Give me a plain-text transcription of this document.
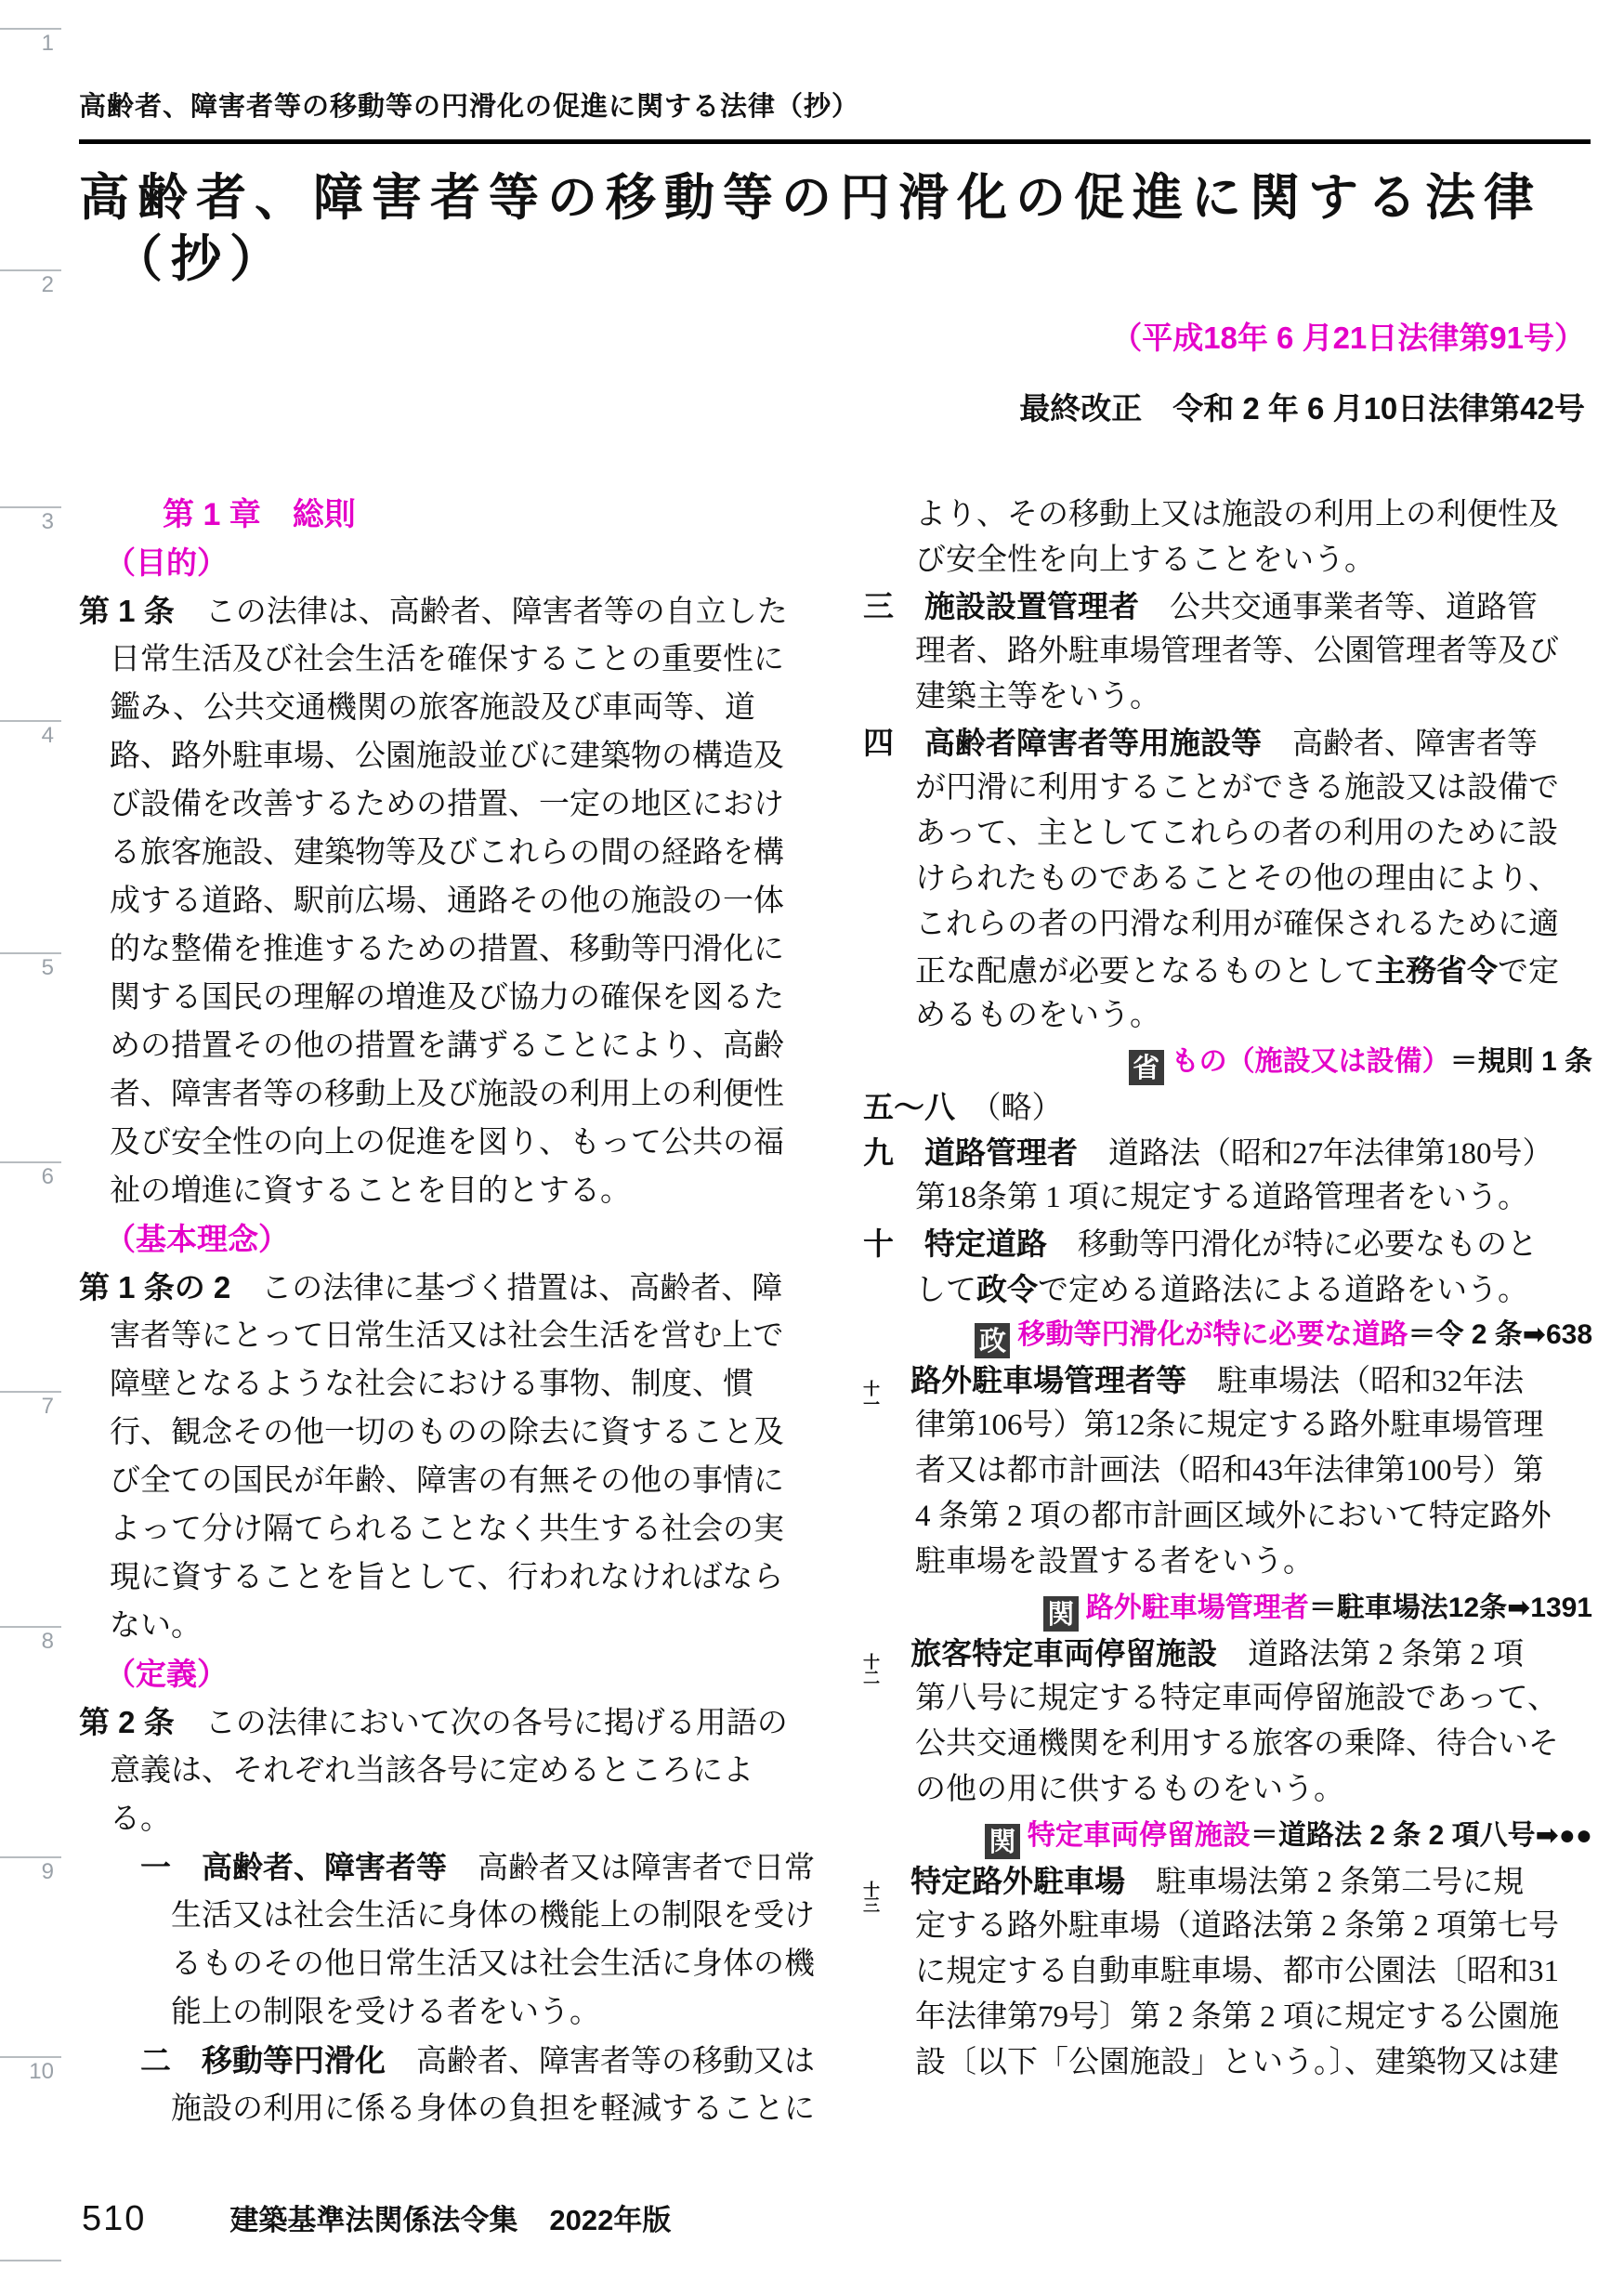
1
2
3
4
5
6
7
8
9
10
高齢者、障害者等の移動等の円滑化の促進に関する法律（抄）
高齢者、障害者等の移動等の円滑化の促進に関する法律
（抄）
（平成18年 6 月21日法律第91号）
最終改正　令和 2 年 6 月10日法律第42号
第 1 章　総則
（目的）
第 1 条　この法律は、高齢者、障害者等の自立した
日常生活及び社会生活を確保することの重要性に
鑑み、公共交通機関の旅客施設及び車両等、道
路、路外駐車場、公園施設並びに建築物の構造及
び設備を改善するための措置、一定の地区におけ
る旅客施設、建築物等及びこれらの間の経路を構
成する道路、駅前広場、通路その他の施設の一体
的な整備を推進するための措置、移動等円滑化に
関する国民の理解の増進及び協力の確保を図るた
めの措置その他の措置を講ずることにより、高齢
者、障害者等の移動上及び施設の利用上の利便性
及び安全性の向上の促進を図り、もって公共の福
祉の増進に資することを目的とする。
（基本理念）
第 1 条の 2　この法律に基づく措置は、高齢者、障
害者等にとって日常生活又は社会生活を営む上で
障壁となるような社会における事物、制度、慣
行、観念その他一切のものの除去に資すること及
び全ての国民が年齢、障害の有無その他の事情に
よって分け隔てられることなく共生する社会の実
現に資することを旨として、行われなければなら
ない。
（定義）
第 2 条　この法律において次の各号に掲げる用語の
意義は、それぞれ当該各号に定めるところによ
る。
一　高齢者、障害者等　高齢者又は障害者で日常
生活又は社会生活に身体の機能上の制限を受け
るものその他日常生活又は社会生活に身体の機
能上の制限を受ける者をいう。
二　移動等円滑化　高齢者、障害者等の移動又は
施設の利用に係る身体の負担を軽減することに
より、その移動上又は施設の利用上の利便性及
び安全性を向上することをいう。
三　施設設置管理者　公共交通事業者等、道路管
理者、路外駐車場管理者等、公園管理者等及び
建築主等をいう。
四　高齢者障害者等用施設等　高齢者、障害者等
が円滑に利用することができる施設又は設備で
あって、主としてこれらの者の利用のために設
けられたものであることその他の理由により、
これらの者の円滑な利用が確保されるために適
正な配慮が必要となるものとして主務省令で定
めるものをいう。
省 もの（施設又は設備）＝規則 1 条
五〜八　（略）
九　道路管理者　道路法（昭和27年法律第180号）
第18条第 1 項に規定する道路管理者をいう。
十　特定道路　移動等円滑化が特に必要なものと
して政令で定める道路法による道路をいう。
政 移動等円滑化が特に必要な道路＝令 2 条➡638
十
一
　路外駐車場管理者等　駐車場法（昭和32年法
律第106号）第12条に規定する路外駐車場管理
者又は都市計画法（昭和43年法律第100号）第
4 条第 2 項の都市計画区域外において特定路外
駐車場を設置する者をいう。
関 路外駐車場管理者＝駐車場法12条➡1391
十
二
　旅客特定車両停留施設　道路法第 2 条第 2 項
第八号に規定する特定車両停留施設であって、
公共交通機関を利用する旅客の乗降、待合いそ
の他の用に供するものをいう。
関 特定車両停留施設＝道路法 2 条 2 項八号➡●●
十
三
　特定路外駐車場　駐車場法第 2 条第二号に規
定する路外駐車場（道路法第 2 条第 2 項第七号
に規定する自動車駐車場、都市公園法〔昭和31
年法律第79号〕第 2 条第 2 項に規定する公園施
設〔以下「公園施設」という。〕、建築物又は建
510	建築基準法関係法令集 2022年版
